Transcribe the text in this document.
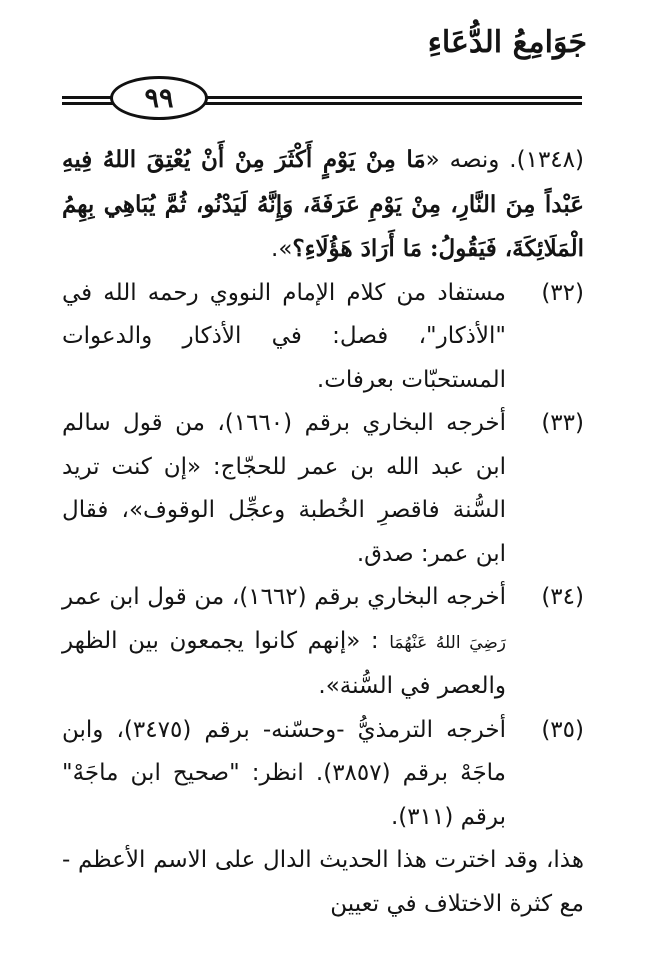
جَوَامِعُ الدُّعَاءِ
٩٩

(١٣٤٨). ونصه «مَا مِنْ يَوْمٍ أَكْثَرَ مِنْ أَنْ يُعْتِقَ اللهُ فِيهِ عَبْداً مِنَ النَّارِ، مِنْ يَوْمِ عَرَفَةَ، وَإِنَّهُ لَيَدْنُو، ثُمَّ يُبَاهِي بِهِمُ الْمَلَائِكَةَ، فَيَقُولُ: مَا أَرَادَ هَؤُلَاءِ؟».

(٣٢)

مستفاد من كلام الإمام النووي رحمه الله في "الأذكار"، فصل: في الأذكار والدعوات المستحبّات بعرفات.

(٣٣)

أخرجه البخاري برقم (١٦٦٠)، من قول سالم ابن عبد الله بن عمر للحجّاج: «إن كنت تريد السُّنة فاقصرِ الخُطبة وعجِّل الوقوف»، فقال ابن عمر: صدق.

(٣٤)

أخرجه البخاري برقم (١٦٦٢)، من قول ابن عمر رَضِيَ اللهُ عَنْهُمَا : «إنهم كانوا يجمعون بين الظهر والعصر في السُّنة».

(٣٥)

أخرجه الترمذيُّ -وحسّنه- برقم (٣٤٧٥)، وابن ماجَهْ برقم (٣٨٥٧). انظر: "صحيح ابن ماجَهْ" برقم (٣١١).

هذا، وقد اخترت هذا الحديث الدال على الاسم الأعظم - مع كثرة الاختلاف في تعيين
